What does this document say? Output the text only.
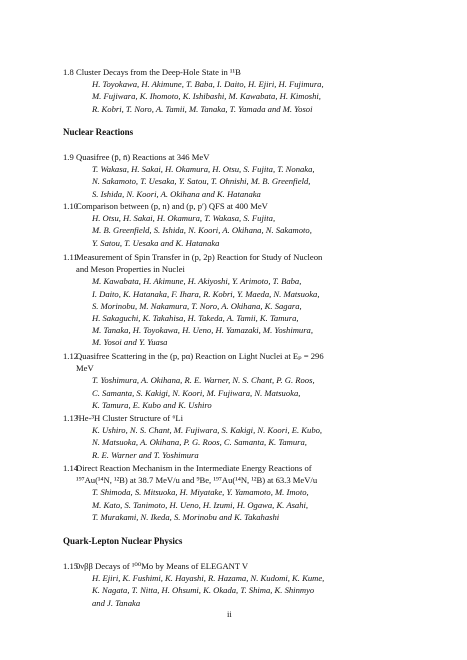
1.8 Cluster Decays from the Deep-Hole State in ¹¹B
H. Toyokawa, H. Akimune, T. Baba, I. Daito, H. Ejiri, H. Fujimura,
M. Fujiwara, K. Ihomoto, K. Ishibashi, M. Kawabata, H. Kimoshi,
R. Kobri, T. Noro, A. Tamii, M. Tanaka, T. Yamada and M. Yosoi
Nuclear Reactions
1.9 Quasifree (p̄, n̄) Reactions at 346 MeV
T. Wakasa, H. Sakai, H. Okamura, H. Otsu, S. Fujita, T. Nonaka,
N. Sakamoto, T. Uesaka, Y. Satou, T. Ohnishi, M. B. Greenfield,
S. Ishida, N. Koori, A. Okihana and K. Hatanaka
1.10
Comparison between (p, n) and (p, p′) QFS at 400 MeV
H. Otsu, H. Sakai, H. Okamura, T. Wakasa, S. Fujita,
M. B. Greenfield, S. Ishida, N. Koori, A. Okihana, N. Sakamoto,
Y. Satou, T. Uesaka and K. Hatanaka
1.11
Measurement of Spin Transfer in (p, 2p) Reaction for Study of Nucleon
and Meson Properties in Nuclei
M. Kawabata, H. Akimune, H. Akiyoshi, Y. Arimoto, T. Baba,
I. Daito, K. Hatanaka, F. Ihara, R. Kobri, Y. Maeda, N. Matsuoka,
S. Morinobu, M. Nakamura, T. Noro, A. Okihana, K. Sagara,
H. Sakaguchi, K. Takahisa, H. Takeda, A. Tamii, K. Tamura,
M. Tanaka, H. Toyokawa, H. Ueno, H. Yamazaki, M. Yoshimura,
M. Yosoi and Y. Yuasa
1.12
Quasifree Scattering in the (p, pα) Reaction on Light Nuclei at Eₚ = 296
MeV
T. Yoshimura, A. Okihana, R. E. Warner, N. S. Chant, P. G. Roos,
C. Samanta, S. Kakigi, N. Koori, M. Fujiwara, N. Matsuoka,
K. Tamura, E. Kubo and K. Ushiro
1.13
³He-³H Cluster Structure of ⁶Li
K. Ushiro, N. S. Chant, M. Fujiwara, S. Kakigi, N. Koori, E. Kubo,
N. Matsuoka, A. Okihana, P. G. Roos, C. Samanta, K. Tamura,
R. E. Warner and T. Yoshimura
1.14
Direct Reaction Mechanism in the Intermediate Energy Reactions of
¹⁹⁷Au(¹⁴N, ¹²B) at 38.7 MeV/u and ⁹Be, ¹⁹⁷Au(¹⁴N, ¹²B) at 63.3 MeV/u
T. Shimoda, S. Mitsuoka, H. Miyatake, Y. Yamamoto, M. Imoto,
M. Kato, S. Tanimoto, H. Ueno, H. Izumi, H. Ogawa, K. Asahi,
T. Murakami, N. Ikeda, S. Morinobu and K. Takahashi
Quark-Lepton Nuclear Physics
1.15
0νββ Decays of ¹⁰⁰Mo by Means of ELEGANT V
H. Ejiri, K. Fushimi, K. Hayashi, R. Hazama, N. Kudomi, K. Kume,
K. Nagata, T. Nitta, H. Ohsumi, K. Okada, T. Shima, K. Shinmyo
and J. Tanaka
ii
